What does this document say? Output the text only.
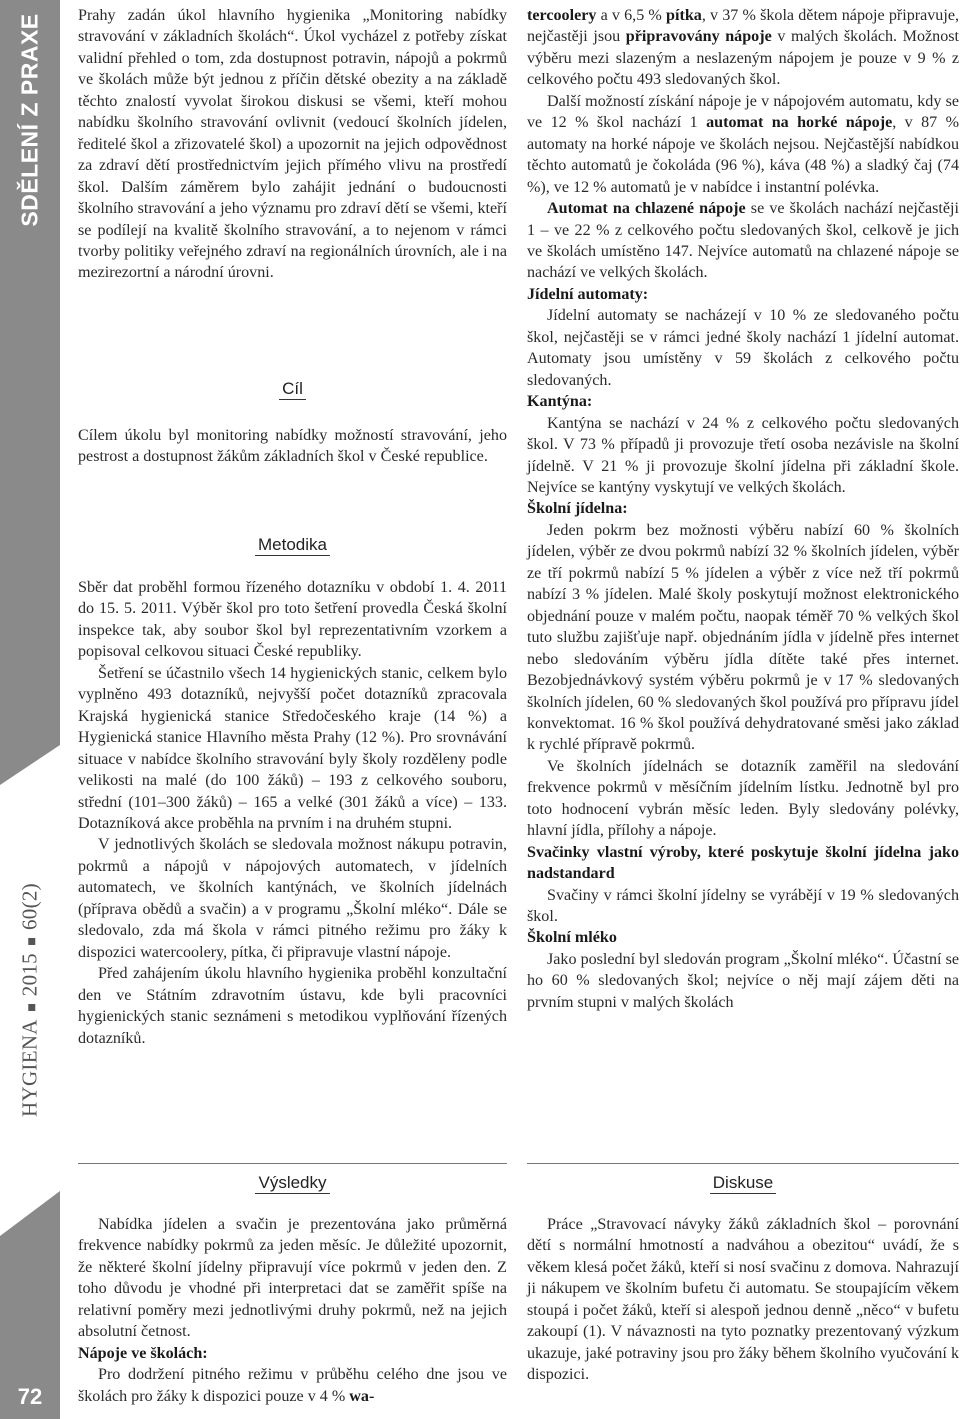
SDĚLENÍ Z PRAXE
HYGIENA201560(2)
72

Prahy zadán úkol hlavního hygienika „Monitoring nabídky stravování v základních školách“. Úkol vycházel z potřeby získat validní přehled o tom, zda dostupnost potravin, nápojů a pokrmů ve školách může být jednou z příčin dětské obezity a na základě těchto znalostí vyvolat širokou diskusi se všemi, kteří mohou nabídku školního stravování ovlivnit (vedoucí školních jídelen, ředitelé škol a zřizovatelé škol) a upozornit na jejich odpovědnost za zdraví dětí prostřednictvím jejich přímého vlivu na prostředí škol. Dalším záměrem bylo zahájit jednání o budoucnosti školního stravování a jeho významu pro zdraví dětí se všemi, kteří se podílejí na kvalitě školního stravování, a to nejenom v rámci tvorby politiky veřejného zdraví na regionálních úrovních, ale i na mezirezortní a národní úrovni.

Cíl

Cílem úkolu byl monitoring nabídky možností stravování, jeho pestrost a dostupnost žákům základních škol v České republice.

Metodika

Sběr dat proběhl formou řízeného dotazníku v období 1. 4. 2011 do 15. 5. 2011. Výběr škol pro toto šetření provedla Česká školní inspekce tak, aby soubor škol byl reprezentativním vzorkem a popisoval celkovou situaci České republiky.

Šetření se účastnilo všech 14 hygienických stanic, celkem bylo vyplněno 493 dotazníků, nejvyšší počet dotazníků zpracovala Krajská hygienická stanice Středočeského kraje (14 %) a Hygienická stanice Hlavního města Prahy (12 %). Pro srovnávání situace v nabídce školního stravování byly školy rozděleny podle velikosti na malé (do 100 žáků) – 193 z celkového souboru, střední (101–300 žáků) – 165 a velké (301 žáků a více) – 133. Dotazníková akce proběhla na prvním i na druhém stupni.

V jednotlivých školách se sledovala možnost nákupu potravin, pokrmů a nápojů v nápojových automatech, v jídelních automatech, ve školních kantýnách, ve školních jídelnách (příprava obědů a svačin) a v programu „Školní mléko“. Dále se sledovalo, zda má škola v rámci pitného režimu pro žáky k dispozici watercoolery, pítka, či připravuje vlastní nápoje.

Před zahájením úkolu hlavního hygienika proběhl konzultační den ve Státním zdravotním ústavu, kde byli pracovníci hygienických stanic seznámeni s metodikou vyplňování řízených dotazníků.

tercoolery a v 6,5 % pítka, v 37 % škola dětem nápoje připravuje, nejčastěji jsou připravovány nápoje v malých školách. Možnost výběru mezi slazeným a neslazeným nápojem je pouze v 9 % z celkového počtu 493 sledovaných škol.

Další možností získání nápoje je v nápojovém automatu, kdy se ve 12 % škol nachází 1 automat na horké nápoje, v 87 % automaty na horké nápoje ve školách nejsou. Nejčastější nabídkou těchto automatů je čokoláda (96 %), káva (48 %) a sladký čaj (74 %), ve 12 % automatů je v nabídce i instantní polévka.

Automat na chlazené nápoje se ve školách nachází nejčastěji 1 – ve 22 % z celkového počtu sledovaných škol, celkově je jich ve školách umístěno 147. Nejvíce automatů na chlazené nápoje se nachází ve velkých školách.

Jídelní automaty:

Jídelní automaty se nacházejí v 10 % ze sledovaného počtu škol, nejčastěji se v rámci jedné školy nachází 1 jídelní automat. Automaty jsou umístěny v 59 školách z celkového počtu sledovaných.

Kantýna:

Kantýna se nachází v 24 % z celkového počtu sledovaných škol. V 73 % případů ji provozuje třetí osoba nezávisle na školní jídelně. V 21 % ji provozuje školní jídelna při základní škole. Nejvíce se kantýny vyskytují ve velkých školách.

Školní jídelna:

Jeden pokrm bez možnosti výběru nabízí 60 % školních jídelen, výběr ze dvou pokrmů nabízí 32 % školních jídelen, výběr ze tří pokrmů nabízí 5 % jídelen a výběr z více než tří pokrmů nabízí 3 % jídelen. Malé školy poskytují možnost elektronického objednání pouze v malém počtu, naopak téměř 70 % velkých škol tuto službu zajišťuje např. objednáním jídla v jídelně přes internet nebo sledováním výběru jídla dítěte také přes internet. Bezobjednávkový systém výběru pokrmů je v 17 % sledovaných školních jídelen, 60 % sledovaných škol používá pro přípravu jídel konvektomat. 16 % škol používá dehydratované směsi jako základ k rychlé přípravě pokrmů.

Ve školních jídelnách se dotazník zaměřil na sledování frekvence pokrmů v měsíčním jídelním lístku. Jednotně byl pro toto hodnocení vybrán měsíc leden. Byly sledovány polévky, hlavní jídla, přílohy a nápoje.

Svačinky vlastní výroby, které poskytuje školní jídelna jako nadstandard

Svačiny v rámci školní jídelny se vyrábějí v 19 % sledovaných škol.

Školní mléko

Jako poslední byl sledován program „Školní mléko“. Účastní se ho 60 % sledovaných škol; nejvíce o něj mají zájem děti na prvním stupni v malých školách

Výsledky

Nabídka jídelen a svačin je prezentována jako průměrná frekvence nabídky pokrmů za jeden měsíc. Je důležité upozornit, že některé školní jídelny připravují více pokrmů v jeden den. Z toho důvodu je vhodné při interpretaci dat se zaměřit spíše na relativní poměry mezi jednotlivými druhy pokrmů, než na jejich absolutní četnost.

Nápoje ve školách:

Pro dodržení pitného režimu v průběhu celého dne jsou ve školách pro žáky k dispozici pouze v 4 % wa-

Diskuse

Práce „Stravovací návyky žáků základních škol – porovnání dětí s normální hmotností a nadváhou a obezitou“ uvádí, že s věkem klesá počet žáků, kteří si nosí svačinu z domova. Nahrazují ji nákupem ve školním bufetu či automatu. Se stoupajícím věkem stoupá i počet žáků, kteří si alespoň jednou denně „něco“ v bufetu zakoupí (1). V návaznosti na tyto poznatky prezentovaný výzkum ukazuje, jaké potraviny jsou pro žáky během školního vyučování k dispozici.
